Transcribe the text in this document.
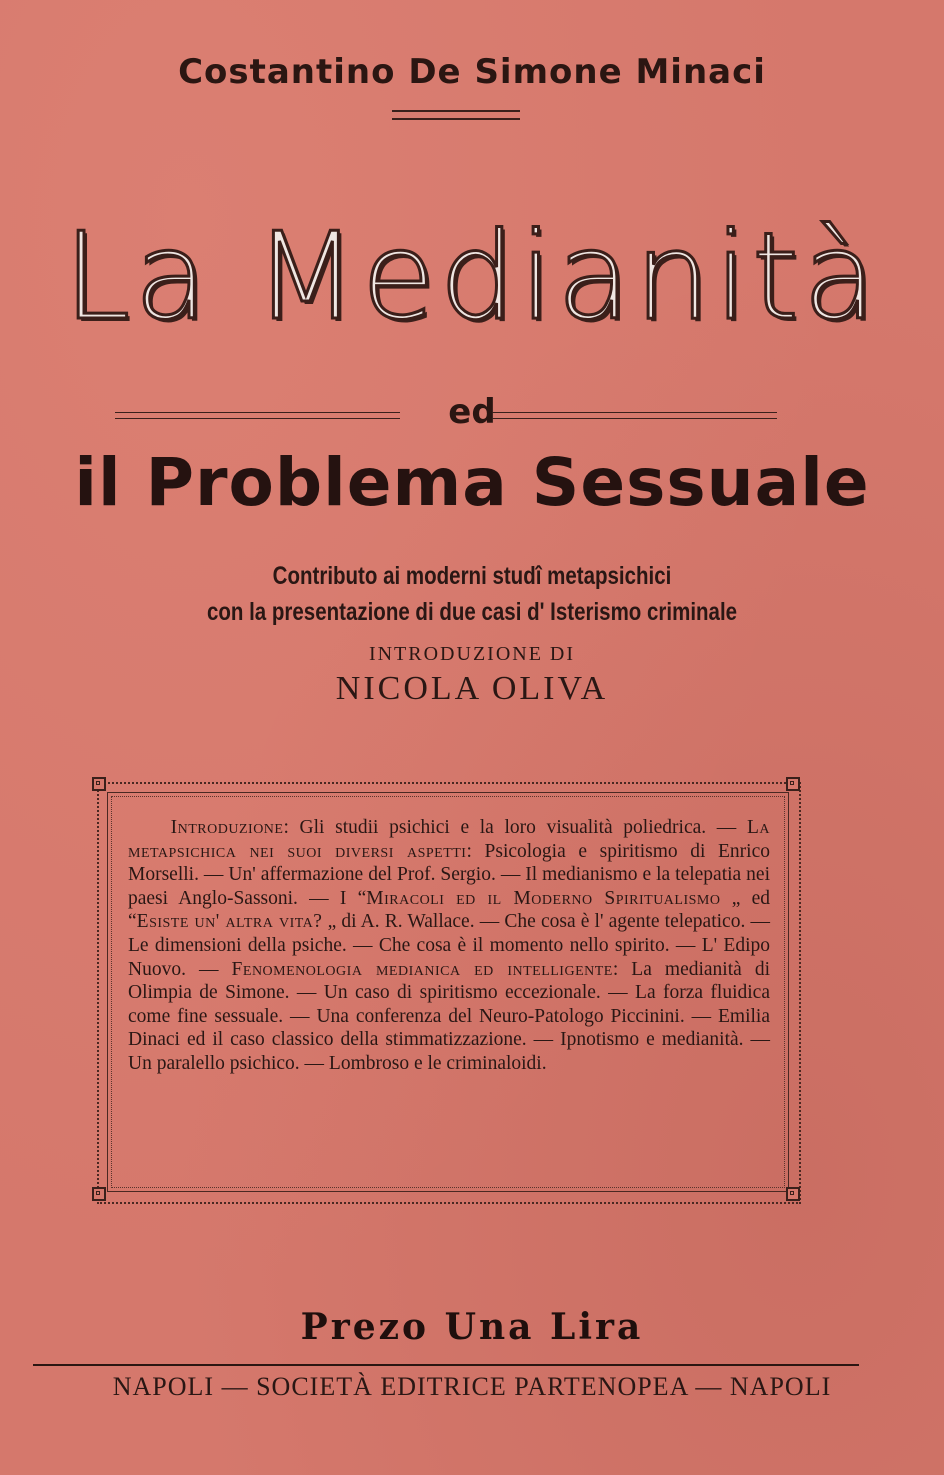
Costantino De Simone Minaci
La Medianità
ed
il Problema Sessuale
Contributo ai moderni studî metapsichici
con la presentazione di due casi d' Isterismo criminale
INTRODUZIONE DI
NICOLA OLIVA
Introduzione: Gli studii psichici e la loro visualità poliedrica. — La metapsichica nei suoi diversi aspetti: Psicologia e spiritismo di Enrico Morselli. — Un' affermazione del Prof. Sergio. — Il medianismo e la telepatia nei paesi Anglo-Sassoni. — I “Miracoli ed il Moderno Spiritualismo „ ed “Esiste un' altra vita? „ di A. R. Wallace. — Che cosa è l' agente telepatico. — Le dimensioni della psiche. — Che cosa è il momento nello spirito. — L' Edipo Nuovo. — Fenomenologia medianica ed intelligente: La medianità di Olimpia de Simone. — Un caso di spiritismo eccezionale. — La forza fluidica come fine sessuale. — Una conferenza del Neuro-Patologo Piccinini. — Emilia Dinaci ed il caso classico della stimmatizzazione. — Ipnotismo e medianità. — Un paralello psichico. — Lombroso e le criminaloidi.
Prezo Una Lira
NAPOLI — SOCIETÀ EDITRICE PARTENOPEA — NAPOLI
